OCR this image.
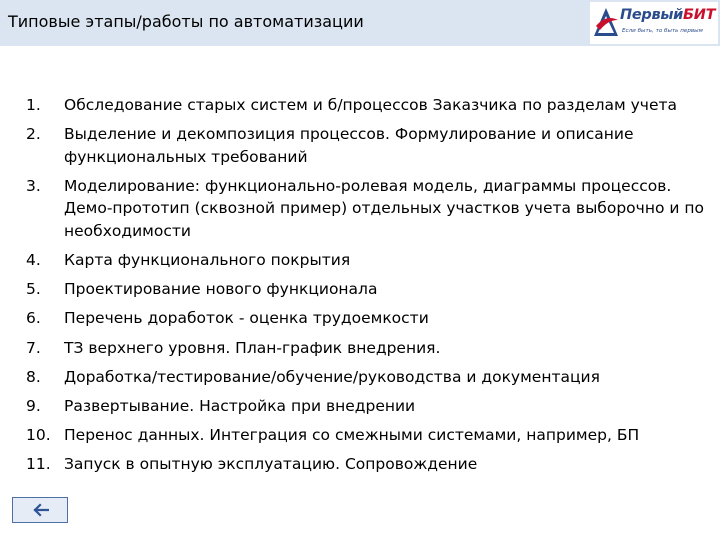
Типовые этапы/работы по автоматизации	ПервыйБИТ
Если быть, то быть первым
1.	Обследование старых систем и б/процессов Заказчика по разделам учета
2.	Выделение и декомпозиция процессов. Формулирование и описание функциональных требований
3.	Моделирование: функционально-ролевая модель, диаграммы процессов. Демо-прототип (сквозной пример) отдельных участков учета выборочно и по необходимости
4.	Карта функционального покрытия
5.	Проектирование нового функционала
6.	Перечень доработок - оценка трудоемкости
7.	ТЗ верхнего уровня. План-график внедрения.
8.	Доработка/тестирование/обучение/руководства и документация
9.	Развертывание. Настройка при внедрении
10. Перенос данных. Интеграция со смежными системами, например, БП
11. Запуск в опытную эксплуатацию. Сопровождение
